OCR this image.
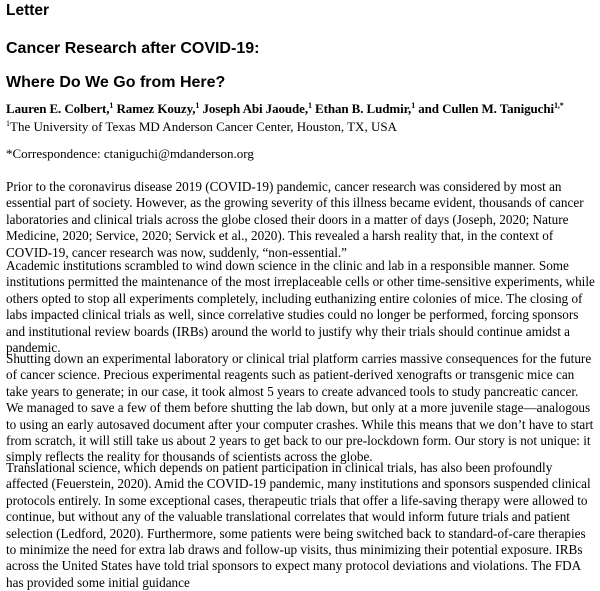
Letter

Cancer Research after COVID-19:

Where Do We Go from Here?

Lauren E. Colbert,$^1$ Ramez Kouzy,$^1$ Joseph Abi Jaoude,$^1$ Ethan B. Ludmir,$^1$ and Cullen M. Taniguchi$^{1,*}$
$^1$The University of Texas MD Anderson Cancer Center, Houston, TX, USA
*Correspondence: ctaniguchi@mdanderson.org

Prior to the coronavirus disease 2019 (COVID-19) pandemic, cancer research was considered by most an essential part of society. However, as the growing severity of this illness became evident, thousands of cancer laboratories and clinical trials across the globe closed their doors in a matter of days (Joseph, 2020; Nature Medicine, 2020; Service, 2020; Servick et al., 2020). This revealed a harsh reality that, in the context of COVID-19, cancer research was now, suddenly, “non-essential.”

Academic institutions scrambled to wind down science in the clinic and lab in a responsible manner. Some institutions permitted the maintenance of the most irreplaceable cells or other time-sensitive experiments, while others opted to stop all experiments completely, including euthanizing entire colonies of mice. The closing of labs impacted clinical trials as well, since correlative studies could no longer be performed, forcing sponsors and institutional review boards (IRBs) around the world to justify why their trials should continue amidst a pandemic.

Shutting down an experimental laboratory or clinical trial platform carries massive consequences for the future of cancer science. Precious experimental reagents such as patient-derived xenografts or transgenic mice can take years to generate; in our case, it took almost 5 years to create advanced tools to study pancreatic cancer. We managed to save a few of them before shutting the lab down, but only at a more juvenile stage—analogous to using an early autosaved document after your computer crashes. While this means that we don’t have to start from scratch, it will still take us about 2 years to get back to our pre-lockdown form. Our story is not unique: it simply reflects the reality for thousands of scientists across the globe.

Translational science, which depends on patient participation in clinical trials, has also been profoundly affected (Feuerstein, 2020). Amid the COVID-19 pandemic, many institutions and sponsors suspended clinical protocols entirely. In some exceptional cases, therapeutic trials that offer a life-saving therapy were allowed to continue, but without any of the valuable translational correlates that would inform future trials and patient selection (Ledford, 2020). Furthermore, some patients were being switched back to standard-of-care therapies to minimize the need for extra lab draws and follow-up visits, thus minimizing their potential exposure. IRBs across the United States have told trial sponsors to expect many protocol deviations and violations. The FDA has provided some initial guidance
